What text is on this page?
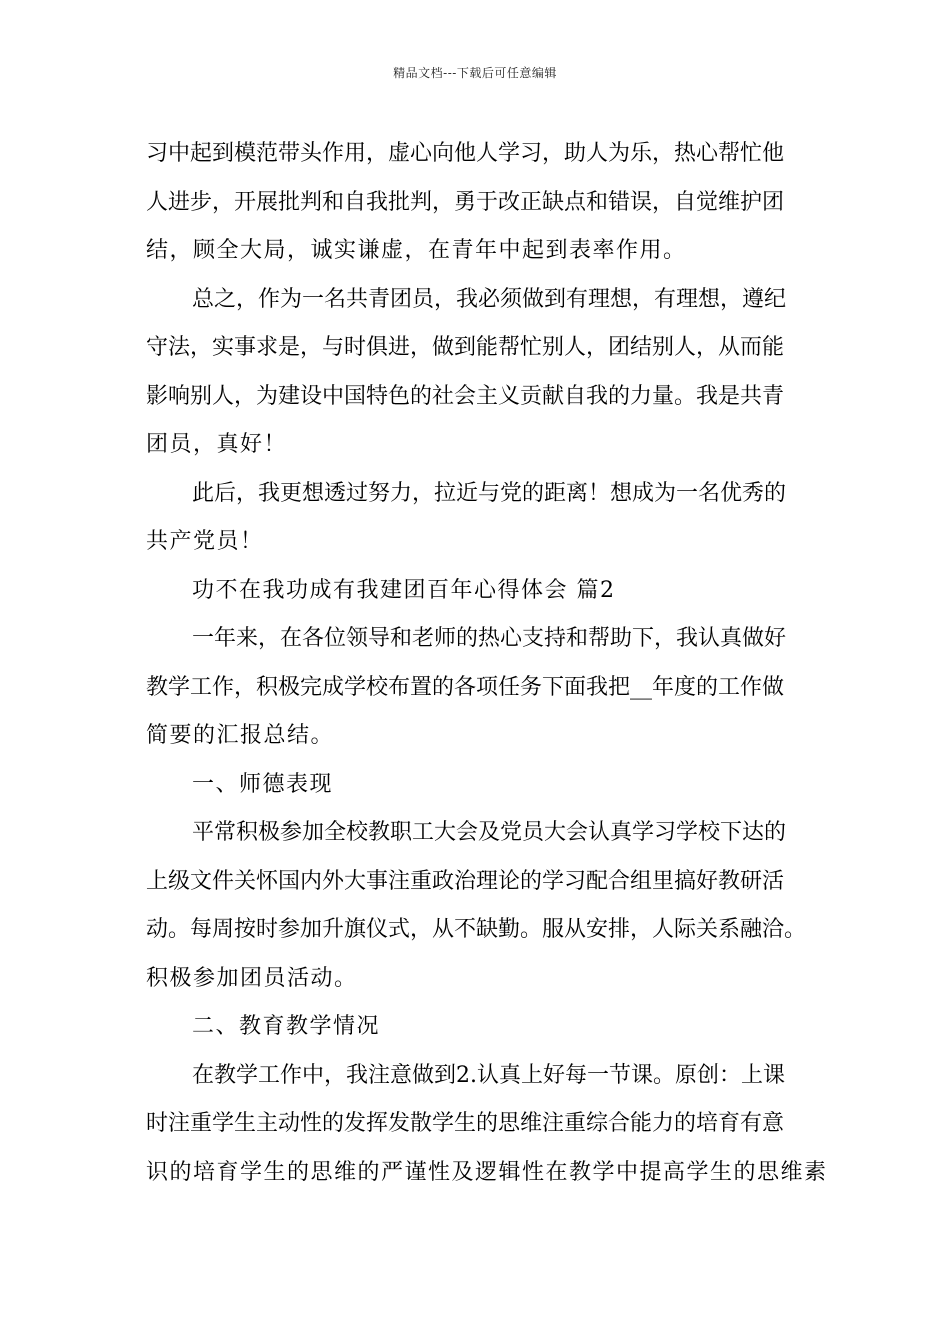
精品文档---下载后可任意编辑

习中起到模范带头作用，虚心向他人学习，助人为乐，热心帮忙他
人进步，开展批判和自我批判，勇于改正缺点和错误，自觉维护团
结，顾全大局，诚实谦虚，在青年中起到表率作用。

总之，作为一名共青团员，我必须做到有理想，有理想，遵纪
守法，实事求是，与时俱进，做到能帮忙别人，团结别人，从而能
影响别人，为建设中国特色的社会主义贡献自我的力量。我是共青
团员，真好！

此后，我更想透过努力，拉近与党的距离！想成为一名优秀的
共产党员！

功不在我功成有我建团百年心得体会 篇2

一年来，在各位领导和老师的热心支持和帮助下，我认真做好
教学工作，积极完成学校布置的各项任务下面我把__年度的工作做
简要的汇报总结。

一、师德表现

平常积极参加全校教职工大会及党员大会认真学习学校下达的
上级文件关怀国内外大事注重政治理论的学习配合组里搞好教研活
动。每周按时参加升旗仪式，从不缺勤。服从安排，人际关系融洽。
积极参加团员活动。

二、教育教学情况

在教学工作中，我注意做到2.认真上好每一节课。原创：上课
时注重学生主动性的发挥发散学生的思维注重综合能力的培育有意
识的培育学生的思维的严谨性及逻辑性在教学中提高学生的思维素
